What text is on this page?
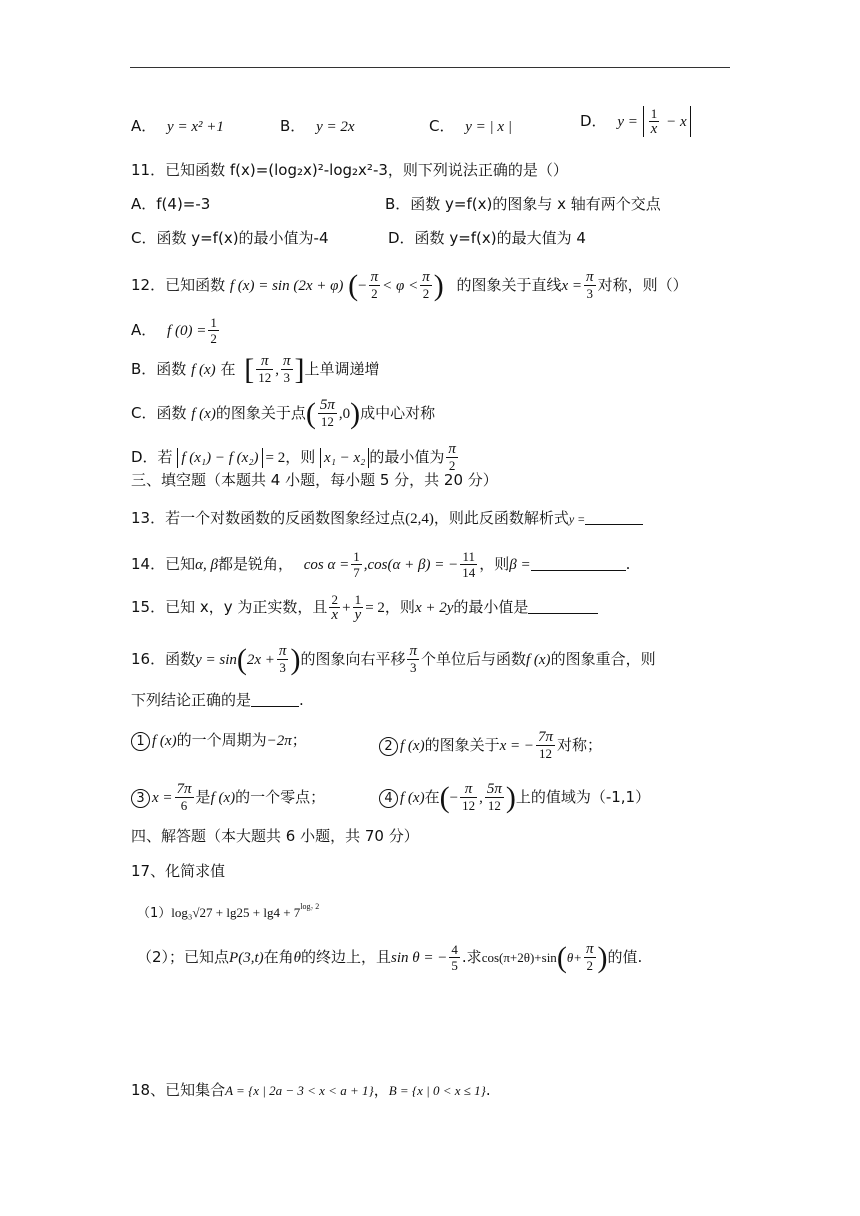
A． y = x² +1	B． y = 2x	C． y = | x |	D． $y = \frac{1}{x} - x$
11．已知函数 f(x)=(log₂x)²-log₂x²-3，则下列说法正确的是（）
A．f(4)=-3	B．函数 y=f(x)的图象与 x 轴有两个交点
C．函数 y=f(x)的最小值为-4	D．函数 y=f(x)的最大值为 4
12．已知函数 f (x) = sin (2x + φ) (− $\frac{\pi}{2} < \varphi < \frac{\pi}{2}$ ) 的图象关于直线$x = \frac{\pi}{3}$ 对称，则（）
A． f $(0) = \frac{1}{2}$
B．函数 f (x) 在 [ $\frac{\pi}{12}$ , $\frac{\pi}{3}$ ]上单调递增
C．函数 f (x)的图象关于点( $\frac{5\pi}{12} ,0$)成中心对称
D．若 f (x₁) − f (x₂) = 2，则 x₁ − x₂ 的最小值为 $\frac{\pi}{2}$
三、填空题（本题共 4 小题，每小题 5 分，共 20 分）
13．若一个对数函数的反函数图象经过点(2,4)，则此反函数解析式y =
14．已知α, β都是锐角， $\cos \alpha = \frac{1}{7} ,\cos(\alpha + \beta)$ = − $\frac{11}{14}$ ，则β =	.
15．已知 x，y 为正实数，且 $\frac{2}{x} + \frac{1}{y} = 2$，则x + 2y的最小值是
16．函数$y = \sin(2x + \frac{\pi}{3}$ )的图象向右平移 $\frac{\pi}{3}$ 个单位后与函数f (x)的图象重合，则
下列结论正确的是	.
1 f (x)的一个周期为−2π；	2 f (x)的图象关于x = − $\frac{7\pi}{12}$ 对称；
3 $x = \frac{7\pi}{6}$ 是f (x)的一个零点；	4 f (x)在(− $\frac{\pi}{12}$ , $\frac{5\pi}{12}$ )上的值域为（-1,1）
四、解答题（本大题共 6 小题，共 70 分）
17、化简求值
$(1)\log_3√27 + \lg 25 + \lg 4 + 7^{log_7 2}$
（2）；已知点P(3,t)在角θ的终边上，且sin θ = − $\frac{4}{5}$ .求$\cos(\pi+2\theta)+\sin(\theta+ \frac{\pi}{2}$ )的值.
18、已知集合A = {x | 2a − 3 < x < a + 1}，B = {x | 0 < x ≤ 1}.
